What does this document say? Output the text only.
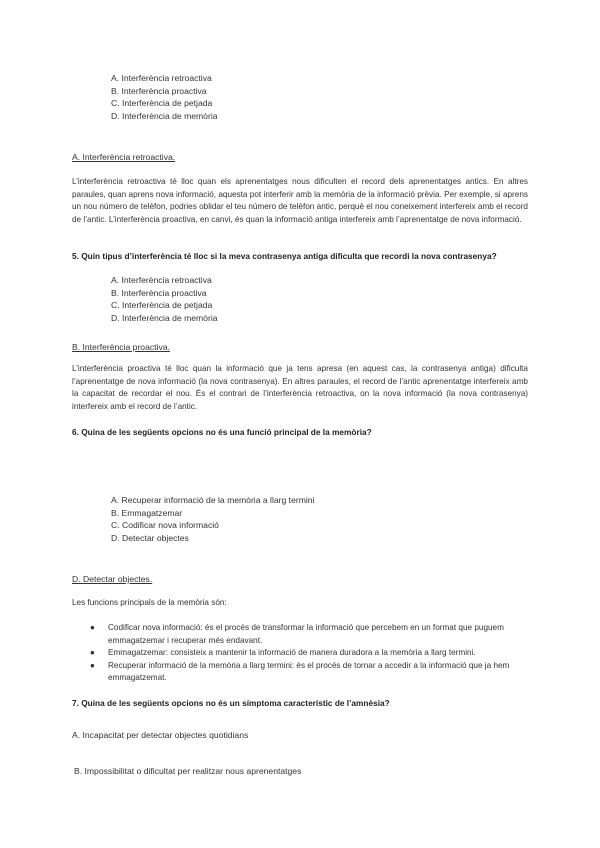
A. Interferència retroactiva
B. Interferència proactiva
C. Interferència de petjada
D. Interferència de memòria
A. Interferència retroactiva.
L’interferència retroactiva té lloc quan els aprenentatges nous dificulten el record dels aprenentatges antics. En altres paraules, quan aprens nova informació, aquesta pot interferir amb la memòria de la informació prèvia. Per exemple, si aprens un nou número de telèfon, podries oblidar el teu número de telèfon antic, perquè el nou coneixement interfereix amb el record de l’antic. L’interferència proactiva, en canvi, és quan la informació antiga interfereix amb l’aprenentatge de nova informació.
5. Quin tipus d’interferència té lloc si la meva contrasenya antiga dificulta que recordi la nova contrasenya?
A. Interferència retroactiva
B. Interferència proactiva
C. Interferència de petjada
D. Interferència de memòria
B. Interferència proactiva.
L’interferència proactiva té lloc quan la informació que ja tens apresa (en aquest cas, la contrasenya antiga) dificulta l’aprenentatge de nova informació (la nova contrasenya). En altres paraules, el record de l’antic aprenentatge interfereix amb la capacitat de recordar el nou. És el contrari de l’interferència retroactiva, on la nova informació (la nova contrasenya) interfereix amb el record de l’antic.
6. Quina de les següents opcions no és una funció principal de la memòria?
A. Recuperar informació de la memòria a llarg termini
B. Emmagatzemar
C. Codificar nova informació
D. Detectar objectes
D. Detectar objectes.
Les funcions principals de la memòria són:
● Codificar nova informació: és el procés de transformar la informació que percebem en un format que puguem emmagatzemar i recuperar més endavant.
● Emmagatzemar: consisteix a mantenir la informació de manera duradora a la memòria a llarg termini.
● Recuperar informació de la memòria a llarg termini: és el procés de tornar a accedir a la informació que ja hem emmagatzemat.
7. Quina de les següents opcions no és un símptoma característic de l’amnèsia?
A. Incapacitat per detectar objectes quotidians
B. Impossibilitat o dificultat per realitzar nous aprenentatges
